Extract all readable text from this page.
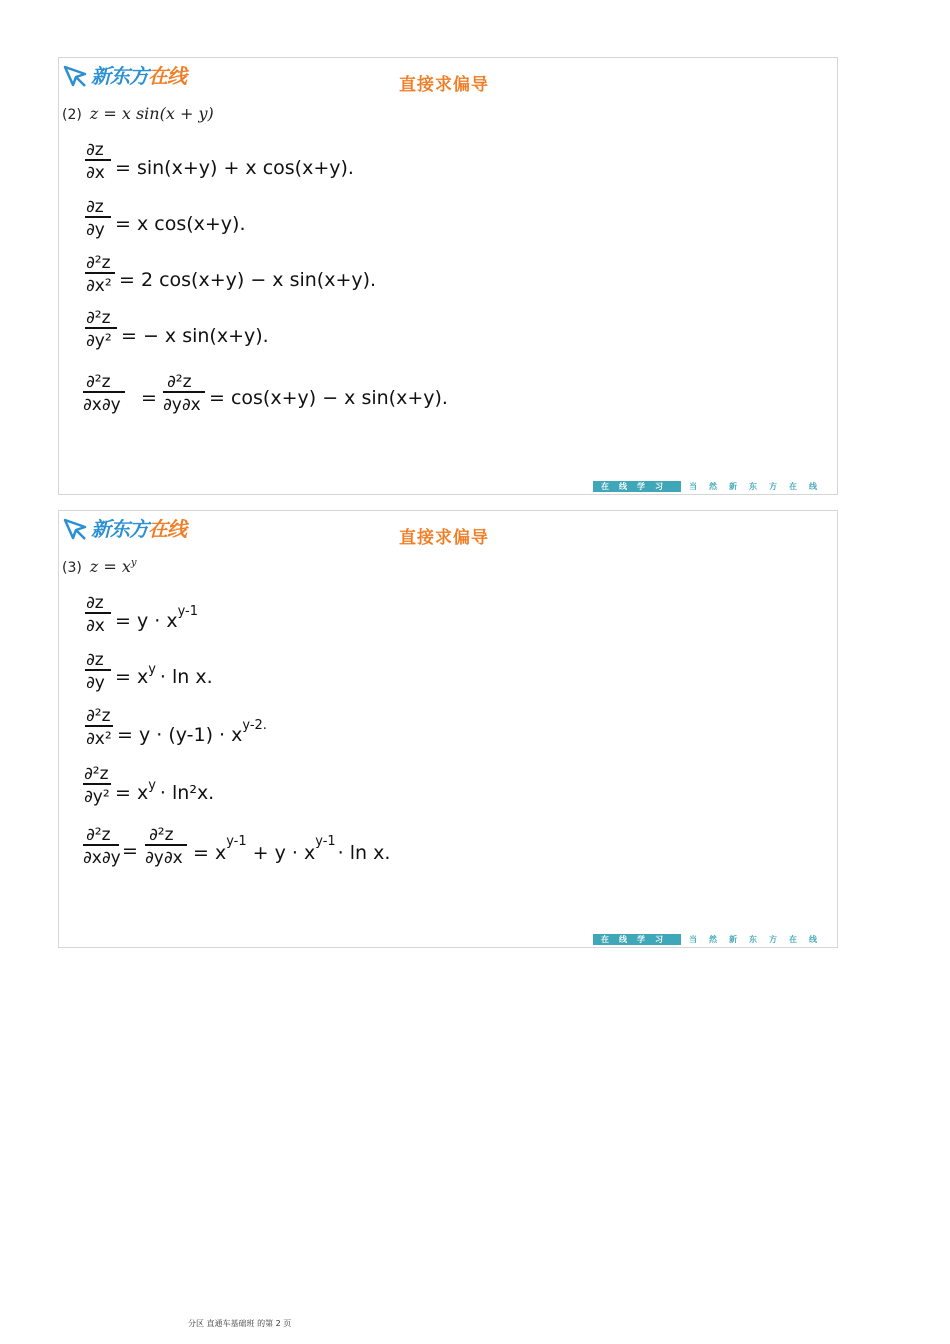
新东方在线	直接求偏导
(2) z = x sin(x + y)
∂z
∂x = sin(x+y) + x cos(x+y).
∂z
∂y = x cos(x+y).
∂²z
∂x² = 2 cos(x+y) − x sin(x+y).
∂²z
∂y² = − x sin(x+y).
∂²z
∂x∂y =
∂²z
∂y∂x = cos(x+y) − x sin(x+y).
在线学习	当然新东方在线
新东方在线	直接求偏导
(3) $z = x^y$
∂z
$\partial x = y \cdot x^{y-1}$
∂z
$\partial y = x^y \cdot \ln x$.
∂²z
$\partial x^2 = y \cdot (y-1) \cdot x^{y-2.}$
∂²z
$\partial y^2 = x^y \cdot \ln^2x$.
∂²z
∂x∂y =
∂²z
$\partial y\partial x = x^{y-1}+ y \cdot x^{y-1}\cdot \ln x$.
在线学习	当然新东方在线
分区 直通车基础班 的第 2 页
